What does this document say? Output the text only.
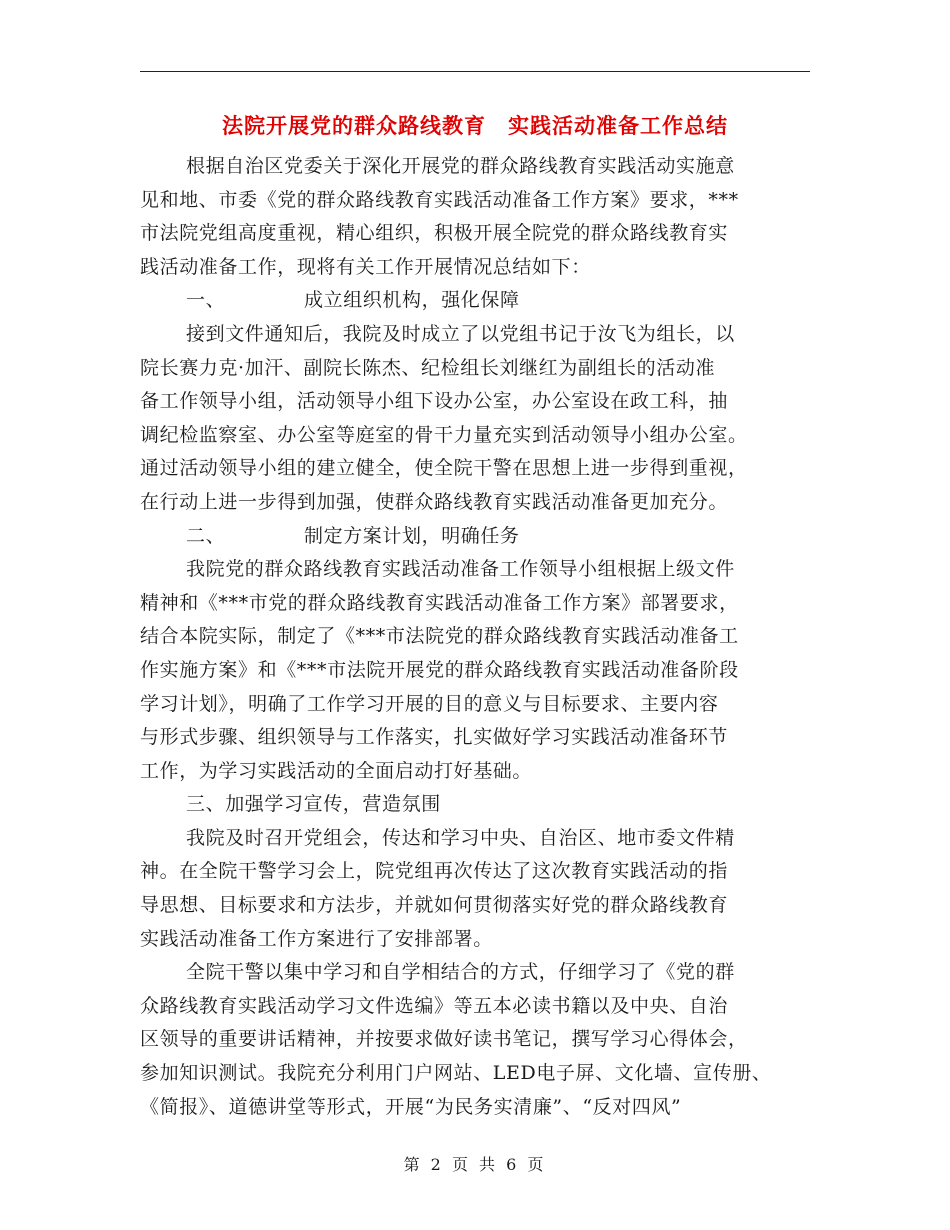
法院开展党的群众路线教育　实践活动准备工作总结
根据自治区党委关于深化开展党的群众路线教育实践活动实施意
见和地、市委《党的群众路线教育实践活动准备工作方案》要求，***
市法院党组高度重视，精心组织，积极开展全院党的群众路线教育实
践活动准备工作，现将有关工作开展情况总结如下：
一、	成立组织机构，强化保障
接到文件通知后，我院及时成立了以党组书记于汝飞为组长，以
院长赛力克·加汗、副院长陈杰、纪检组长刘继红为副组长的活动准
备工作领导小组，活动领导小组下设办公室，办公室设在政工科，抽
调纪检监察室、办公室等庭室的骨干力量充实到活动领导小组办公室。
通过活动领导小组的建立健全，使全院干警在思想上进一步得到重视，
在行动上进一步得到加强，使群众路线教育实践活动准备更加充分。
二、	制定方案计划，明确任务
我院党的群众路线教育实践活动准备工作领导小组根据上级文件
精神和《***市党的群众路线教育实践活动准备工作方案》部署要求，
结合本院实际，制定了《***市法院党的群众路线教育实践活动准备工
作实施方案》和《***市法院开展党的群众路线教育实践活动准备阶段
学习计划》，明确了工作学习开展的目的意义与目标要求、主要内容
与形式步骤、组织领导与工作落实，扎实做好学习实践活动准备环节
工作，为学习实践活动的全面启动打好基础。
三、加强学习宣传，营造氛围
我院及时召开党组会，传达和学习中央、自治区、地市委文件精
神。在全院干警学习会上，院党组再次传达了这次教育实践活动的指
导思想、目标要求和方法步，并就如何贯彻落实好党的群众路线教育
实践活动准备工作方案进行了安排部署。
全院干警以集中学习和自学相结合的方式，仔细学习了《党的群
众路线教育实践活动学习文件选编》等五本必读书籍以及中央、自治
区领导的重要讲话精神，并按要求做好读书笔记，撰写学习心得体会，
参加知识测试。我院充分利用门户网站、LED电子屏、文化墙、宣传册、
《简报》、道德讲堂等形式，开展“为民务实清廉”、“反对四风”
第 2 页 共 6 页
